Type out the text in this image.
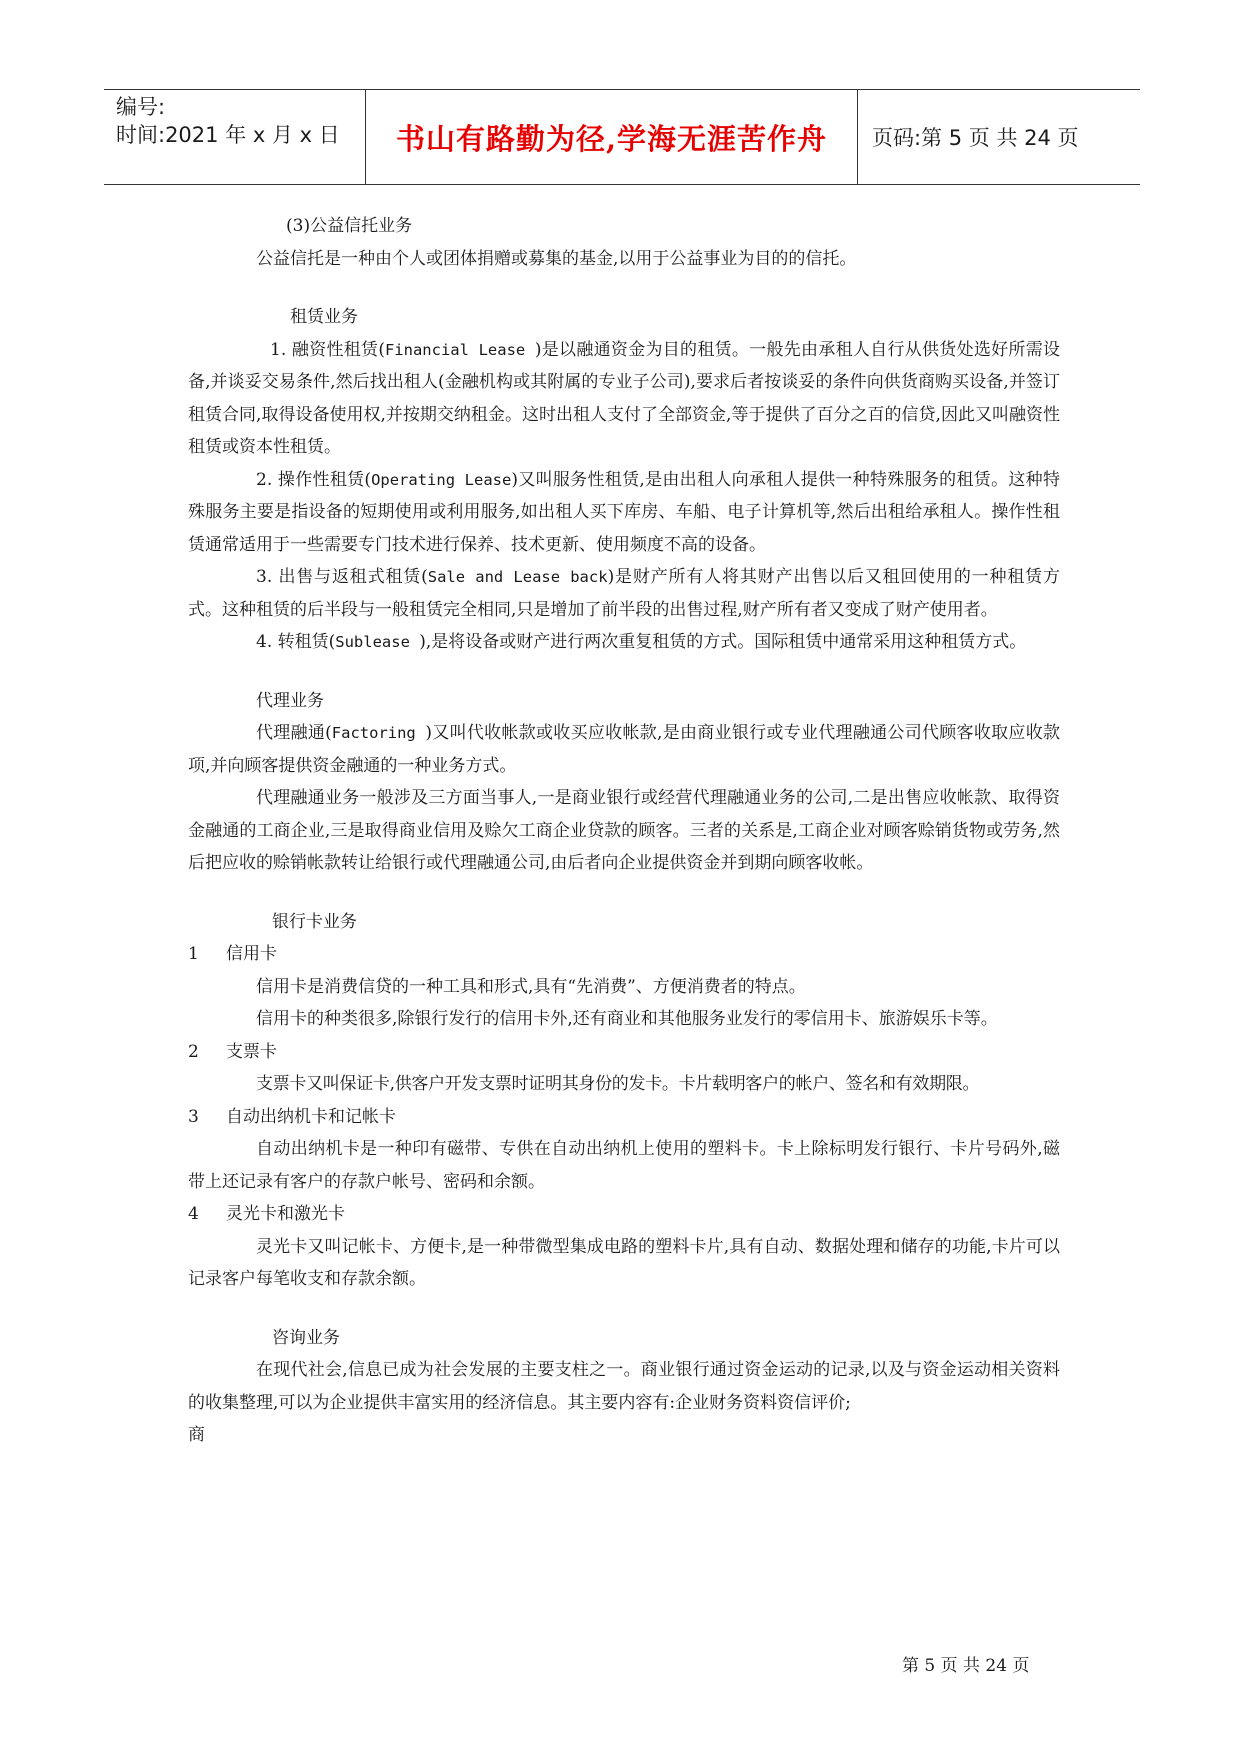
编号:
时间:2021 年 x 月 x 日	书山有路勤为径,学海无涯苦作舟	页码:第 5 页 共 24 页

(3)公益信托业务

公益信托是一种由个人或团体捐赠或募集的基金,以用于公益事业为目的的信托。

租赁业务

1. 融资性租赁(Financial Lease )是以融通资金为目的租赁。一般先由承租人自行从供货处选好所需设备,并谈妥交易条件,然后找出租人(金融机构或其附属的专业子公司),要求后者按谈妥的条件向供货商购买设备,并签订租赁合同,取得设备使用权,并按期交纳租金。这时出租人支付了全部资金,等于提供了百分之百的信贷,因此又叫融资性租赁或资本性租赁。

2. 操作性租赁(Operating Lease)又叫服务性租赁,是由出租人向承租人提供一种特殊服务的租赁。这种特殊服务主要是指设备的短期使用或利用服务,如出租人买下库房、车船、电子计算机等,然后出租给承租人。操作性租赁通常适用于一些需要专门技术进行保养、技术更新、使用频度不高的设备。

3. 出售与返租式租赁(Sale and Lease back)是财产所有人将其财产出售以后又租回使用的一种租赁方式。这种租赁的后半段与一般租赁完全相同,只是增加了前半段的出售过程,财产所有者又变成了财产使用者。

4. 转租赁(Sublease ),是将设备或财产进行两次重复租赁的方式。国际租赁中通常采用这种租赁方式。

代理业务

代理融通(Factoring )又叫代收帐款或收买应收帐款,是由商业银行或专业代理融通公司代顾客收取应收款项,并向顾客提供资金融通的一种业务方式。

代理融通业务一般涉及三方面当事人,一是商业银行或经营代理融通业务的公司,二是出售应收帐款、取得资金融通的工商企业,三是取得商业信用及赊欠工商企业贷款的顾客。三者的关系是,工商企业对顾客赊销货物或劳务,然后把应收的赊销帐款转让给银行或代理融通公司,由后者向企业提供资金并到期向顾客收帐。

银行卡业务

1 信用卡

信用卡是消费信贷的一种工具和形式,具有“先消费”、方便消费者的特点。

信用卡的种类很多,除银行发行的信用卡外,还有商业和其他服务业发行的零信用卡、旅游娱乐卡等。

2 支票卡

支票卡又叫保证卡,供客户开发支票时证明其身份的发卡。卡片载明客户的帐户、签名和有效期限。

3 自动出纳机卡和记帐卡

自动出纳机卡是一种印有磁带、专供在自动出纳机上使用的塑料卡。卡上除标明发行银行、卡片号码外,磁带上还记录有客户的存款户帐号、密码和余额。

4 灵光卡和激光卡

灵光卡又叫记帐卡、方便卡,是一种带微型集成电路的塑料卡片,具有自动、数据处理和储存的功能,卡片可以记录客户每笔收支和存款余额。

咨询业务

在现代社会,信息已成为社会发展的主要支柱之一。商业银行通过资金运动的记录,以及与资金运动相关资料的收集整理,可以为企业提供丰富实用的经济信息。其主要内容有:企业财务资料资信评价;

商

第 5 页 共 24 页
